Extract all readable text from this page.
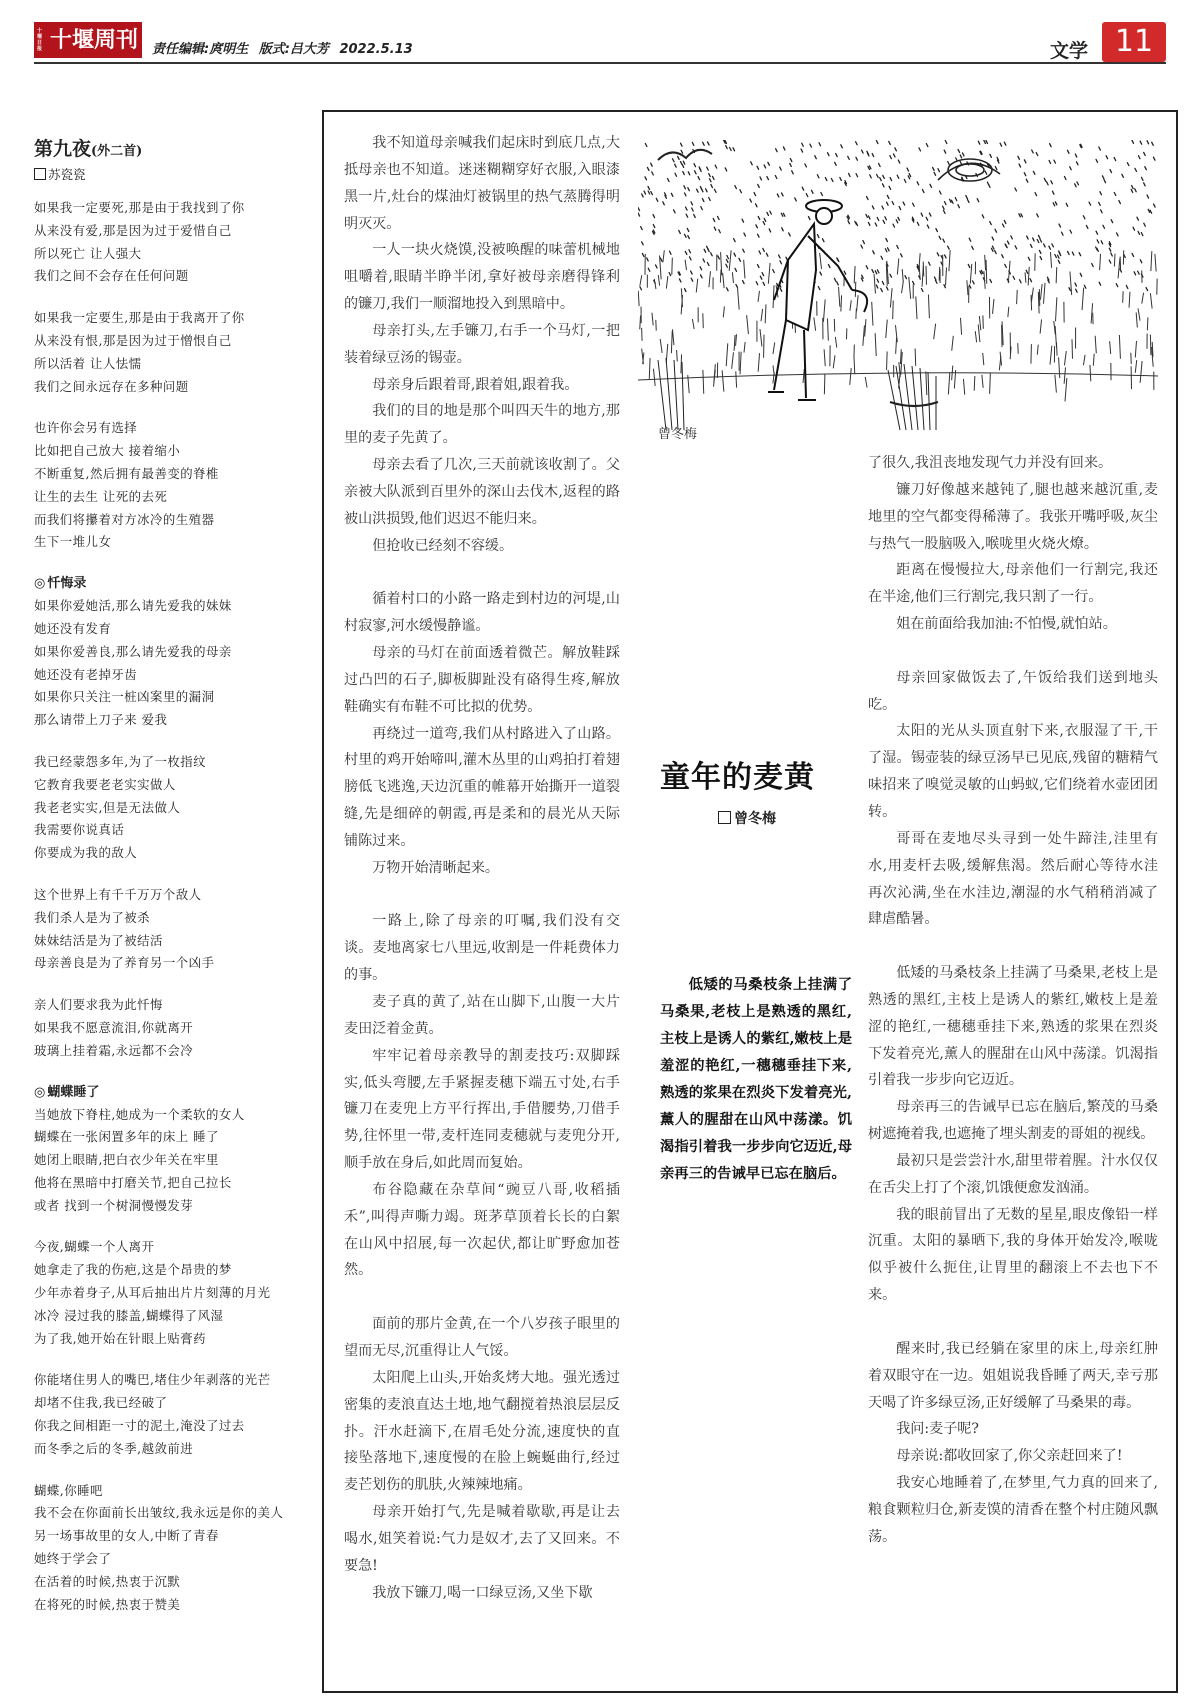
十堰日报 十堰周刊	责任编辑:庹明生 版式:吕大芳 2022.5.13	文学 11
第九夜(外二首)
苏瓷瓷
如果我一定要死,那是由于我找到了你
从来没有爱,那是因为过于爱惜自己
所以死亡 让人强大
我们之间不会存在任何问题
如果我一定要生,那是由于我离开了你
从来没有恨,那是因为过于憎恨自己
所以活着 让人怯懦
我们之间永远存在多种问题
也许你会另有选择
比如把自己放大 接着缩小
不断重复,然后拥有最善变的脊椎
让生的去生 让死的去死
而我们将攥着对方冰冷的生殖器
生下一堆儿女
◎ 忏悔录
如果你爱她活,那么请先爱我的妹妹
她还没有发育
如果你爱善良,那么请先爱我的母亲
她还没有老掉牙齿
如果你只关注一桩凶案里的漏洞
那么请带上刀子来 爱我
我已经蒙怨多年,为了一枚指纹
它教育我要老老实实做人
我老老实实,但是无法做人
我需要你说真话
你要成为我的敌人
这个世界上有千千万万个敌人
我们杀人是为了被杀
妹妹结活是为了被结活
母亲善良是为了养育另一个凶手
亲人们要求我为此忏悔
如果我不愿意流泪,你就离开
玻璃上挂着霜,永远都不会冷
◎ 蝴蝶睡了
当她放下脊柱,她成为一个柔软的女人
蝴蝶在一张闲置多年的床上 睡了
她闭上眼睛,把白衣少年关在牢里
他将在黑暗中打磨关节,把自己拉长
或者 找到一个树洞慢慢发芽
今夜,蝴蝶一个人离开
她拿走了我的伤疤,这是个昂贵的梦
少年赤着身子,从耳后抽出片片刻薄的月光
冰冷 浸过我的膝盖,蝴蝶得了风湿
为了我,她开始在针眼上贴膏药
你能堵住男人的嘴巴,堵住少年剥落的光芒
却堵不住我,我已经破了
你我之间相距一寸的泥土,淹没了过去
而冬季之后的冬季,越敛前进
蝴蝶,你睡吧
我不会在你面前长出皱纹,我永远是你的美人
另一场事故里的女人,中断了青春
她终于学会了
在活着的时候,热衷于沉默
在将死的时候,热衷于赞美

我不知道母亲喊我们起床时到底几点,大抵母亲也不知道。迷迷糊糊穿好衣服,入眼漆黑一片,灶台的煤油灯被锅里的热气蒸腾得明明灭灭。

一人一块火烧馍,没被唤醒的味蕾机械地咀嚼着,眼睛半睁半闭,拿好被母亲磨得锋利的镰刀,我们一顺溜地投入到黑暗中。

母亲打头,左手镰刀,右手一个马灯,一把装着绿豆汤的锡壶。

母亲身后跟着哥,跟着姐,跟着我。

我们的目的地是那个叫四天牛的地方,那里的麦子先黄了。

母亲去看了几次,三天前就该收割了。父亲被大队派到百里外的深山去伐木,返程的路被山洪损毁,他们迟迟不能归来。

但抢收已经刻不容缓。

循着村口的小路一路走到村边的河堤,山村寂寥,河水缓慢静谧。

母亲的马灯在前面透着微芒。解放鞋踩过凸凹的石子,脚板脚趾没有硌得生疼,解放鞋确实有布鞋不可比拟的优势。

再绕过一道弯,我们从村路进入了山路。村里的鸡开始啼叫,灌木丛里的山鸡拍打着翅膀低飞逃逸,天边沉重的帷幕开始撕开一道裂缝,先是细碎的朝霞,再是柔和的晨光从天际铺陈过来。

万物开始清晰起来。

一路上,除了母亲的叮嘱,我们没有交谈。麦地离家七八里远,收割是一件耗费体力的事。

麦子真的黄了,站在山脚下,山腹一大片麦田泛着金黄。

牢牢记着母亲教导的割麦技巧:双脚踩实,低头弯腰,左手紧握麦穗下端五寸处,右手镰刀在麦兜上方平行挥出,手借腰势,刀借手势,往怀里一带,麦杆连同麦穗就与麦兜分开,顺手放在身后,如此周而复始。

布谷隐藏在杂草间“豌豆八哥,收稻插禾”,叫得声嘶力竭。斑茅草顶着长长的白絮在山风中招展,每一次起伏,都让旷野愈加苍然。

面前的那片金黄,在一个八岁孩子眼里的望而无尽,沉重得让人气馁。

太阳爬上山头,开始炙烤大地。强光透过密集的麦浪直达土地,地气翻搅着热浪层层反扑。汗水赶滴下,在眉毛处分流,速度快的直接坠落地下,速度慢的在脸上蜿蜒曲行,经过麦芒划伤的肌肤,火辣辣地痛。

母亲开始打气,先是喊着歇歇,再是让去喝水,姐笑着说:气力是奴才,去了又回来。不要急!

我放下镰刀,喝一口绿豆汤,又坐下歇

曾冬梅
童年的麦黄
曾冬梅

低矮的马桑枝条上挂满了马桑果,老枝上是熟透的黑红,主枝上是诱人的紫红,嫩枝上是羞涩的艳红,一穗穗垂挂下来,熟透的浆果在烈炎下发着亮光,薰人的腥甜在山风中荡漾。饥渴指引着我一步步向它迈近,母亲再三的告诫早已忘在脑后。

了很久,我沮丧地发现气力并没有回来。

镰刀好像越来越钝了,腿也越来越沉重,麦地里的空气都变得稀薄了。我张开嘴呼吸,灰尘与热气一股脑吸入,喉咙里火烧火燎。

距离在慢慢拉大,母亲他们一行割完,我还在半途,他们三行割完,我只割了一行。

姐在前面给我加油:不怕慢,就怕站。

母亲回家做饭去了,午饭给我们送到地头吃。

太阳的光从头顶直射下来,衣服湿了干,干了湿。锡壶装的绿豆汤早已见底,残留的糖精气味招来了嗅觉灵敏的山蚂蚁,它们绕着水壶团团转。

哥哥在麦地尽头寻到一处牛蹄洼,洼里有水,用麦杆去吸,缓解焦渴。然后耐心等待水洼再次沁满,坐在水洼边,潮湿的水气稍稍消减了肆虐酷暑。

低矮的马桑枝条上挂满了马桑果,老枝上是熟透的黑红,主枝上是诱人的紫红,嫩枝上是羞涩的艳红,一穗穗垂挂下来,熟透的浆果在烈炎下发着亮光,薰人的腥甜在山风中荡漾。饥渴指引着我一步步向它迈近。

母亲再三的告诫早已忘在脑后,繁茂的马桑树遮掩着我,也遮掩了埋头割麦的哥姐的视线。

最初只是尝尝汁水,甜里带着腥。汁水仅仅在舌尖上打了个滚,饥饿便愈发汹涌。

我的眼前冒出了无数的星星,眼皮像铅一样沉重。太阳的暴晒下,我的身体开始发冷,喉咙似乎被什么扼住,让胃里的翻滚上不去也下不来。

醒来时,我已经躺在家里的床上,母亲红肿着双眼守在一边。姐姐说我昏睡了两天,幸亏那天喝了许多绿豆汤,正好缓解了马桑果的毒。

我问:麦子呢?

母亲说:都收回家了,你父亲赶回来了!

我安心地睡着了,在梦里,气力真的回来了,粮食颗粒归仓,新麦馍的清香在整个村庄随风飘荡。
